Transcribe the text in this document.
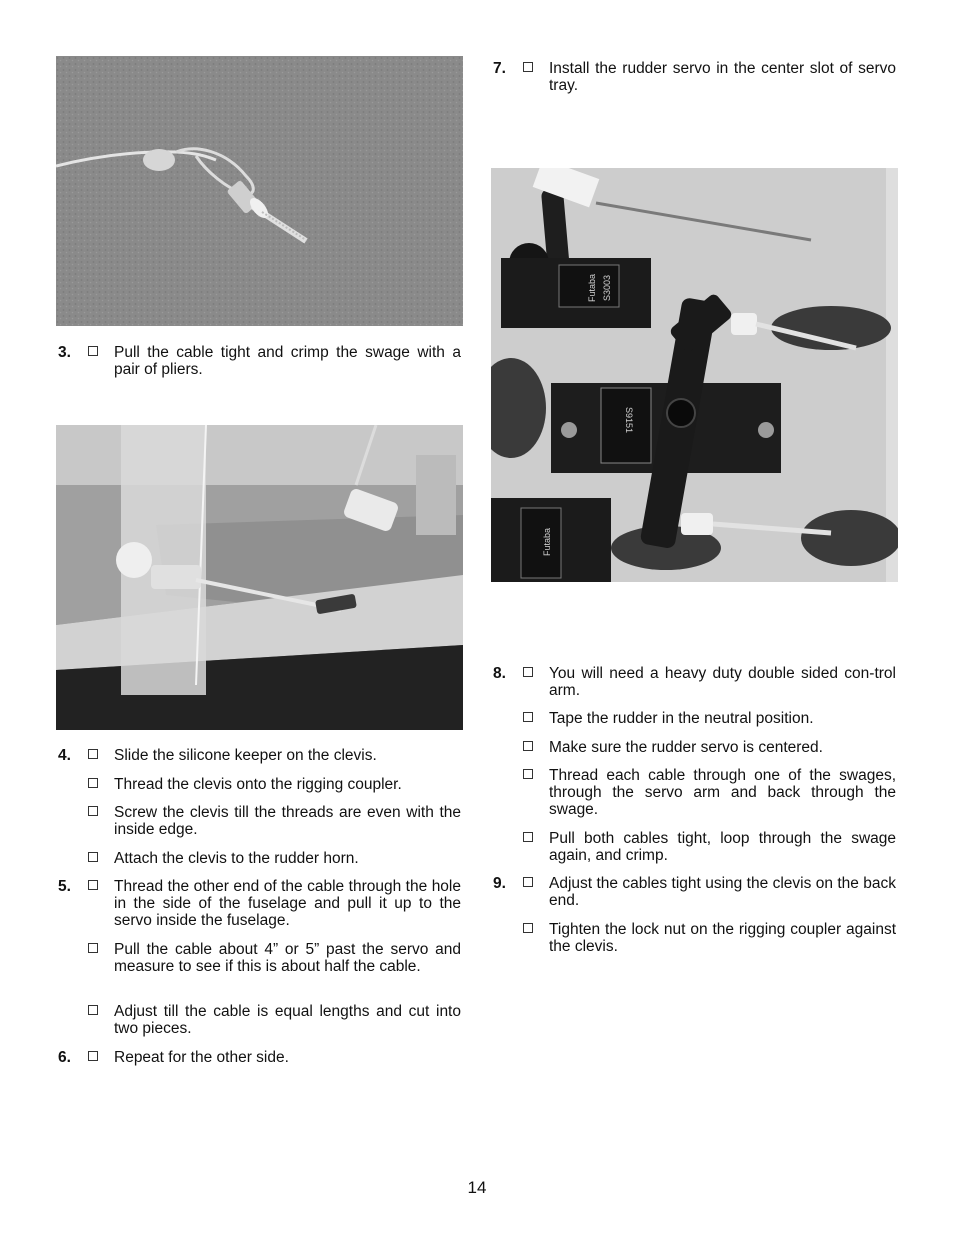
3.	Pull the cable tight and crimp the swage with a pair of pliers.
4.	Slide the silicone keeper on the clevis.
Thread the clevis onto the rigging coupler.
Screw the clevis till the threads are even with the inside edge.
Attach the clevis to the rudder horn.
5.	Thread the other end of the cable through the hole in the side of the fuselage and pull it up to the servo inside the fuselage.
Pull the cable about 4” or 5” past the servo and measure to see if this is about half the cable.
Adjust till the cable is equal lengths and cut into two pieces.
6.	Repeat for the other side.
7.	Install the rudder servo in the center slot of servo tray.
Futaba S3003
S9151
Futaba
8.	You will need a heavy duty double sided con-trol arm.
Tape the rudder in the neutral position.
Make sure the rudder servo is centered.
Thread each cable through one of the swages, through the servo arm and back through the swage.
Pull both cables tight, loop through the swage again, and crimp.
9.	Adjust the cables tight using the clevis on the back end.
Tighten the lock nut on the rigging coupler against the clevis.
14
